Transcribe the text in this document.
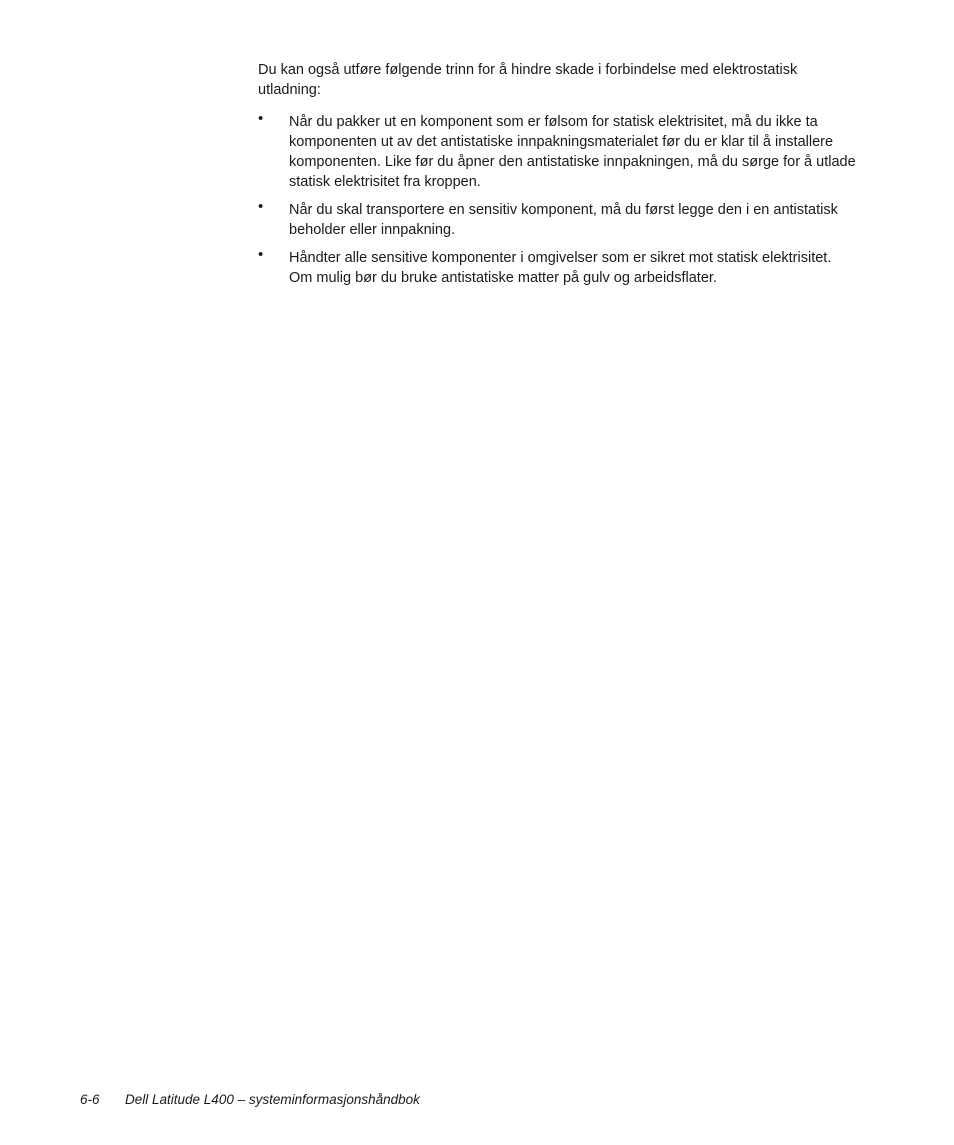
Du kan også utføre følgende trinn for å hindre skade i forbindelse med elektrostatisk utladning:

• Når du pakker ut en komponent som er følsom for statisk elektrisitet, må du ikke ta komponenten ut av det antistatiske innpakningsmaterialet før du er klar til å installere komponenten. Like før du åpner den antistatiske innpakningen, må du sørge for å utlade statisk elektrisitet fra kroppen.
• Når du skal transportere en sensitiv komponent, må du først legge den i en antistatisk beholder eller innpakning.
• Håndter alle sensitive komponenter i omgivelser som er sikret mot statisk elektrisitet. Om mulig bør du bruke antistatiske matter på gulv og arbeidsflater.
6-6 Dell Latitude L400 – systeminformasjonshåndbok
